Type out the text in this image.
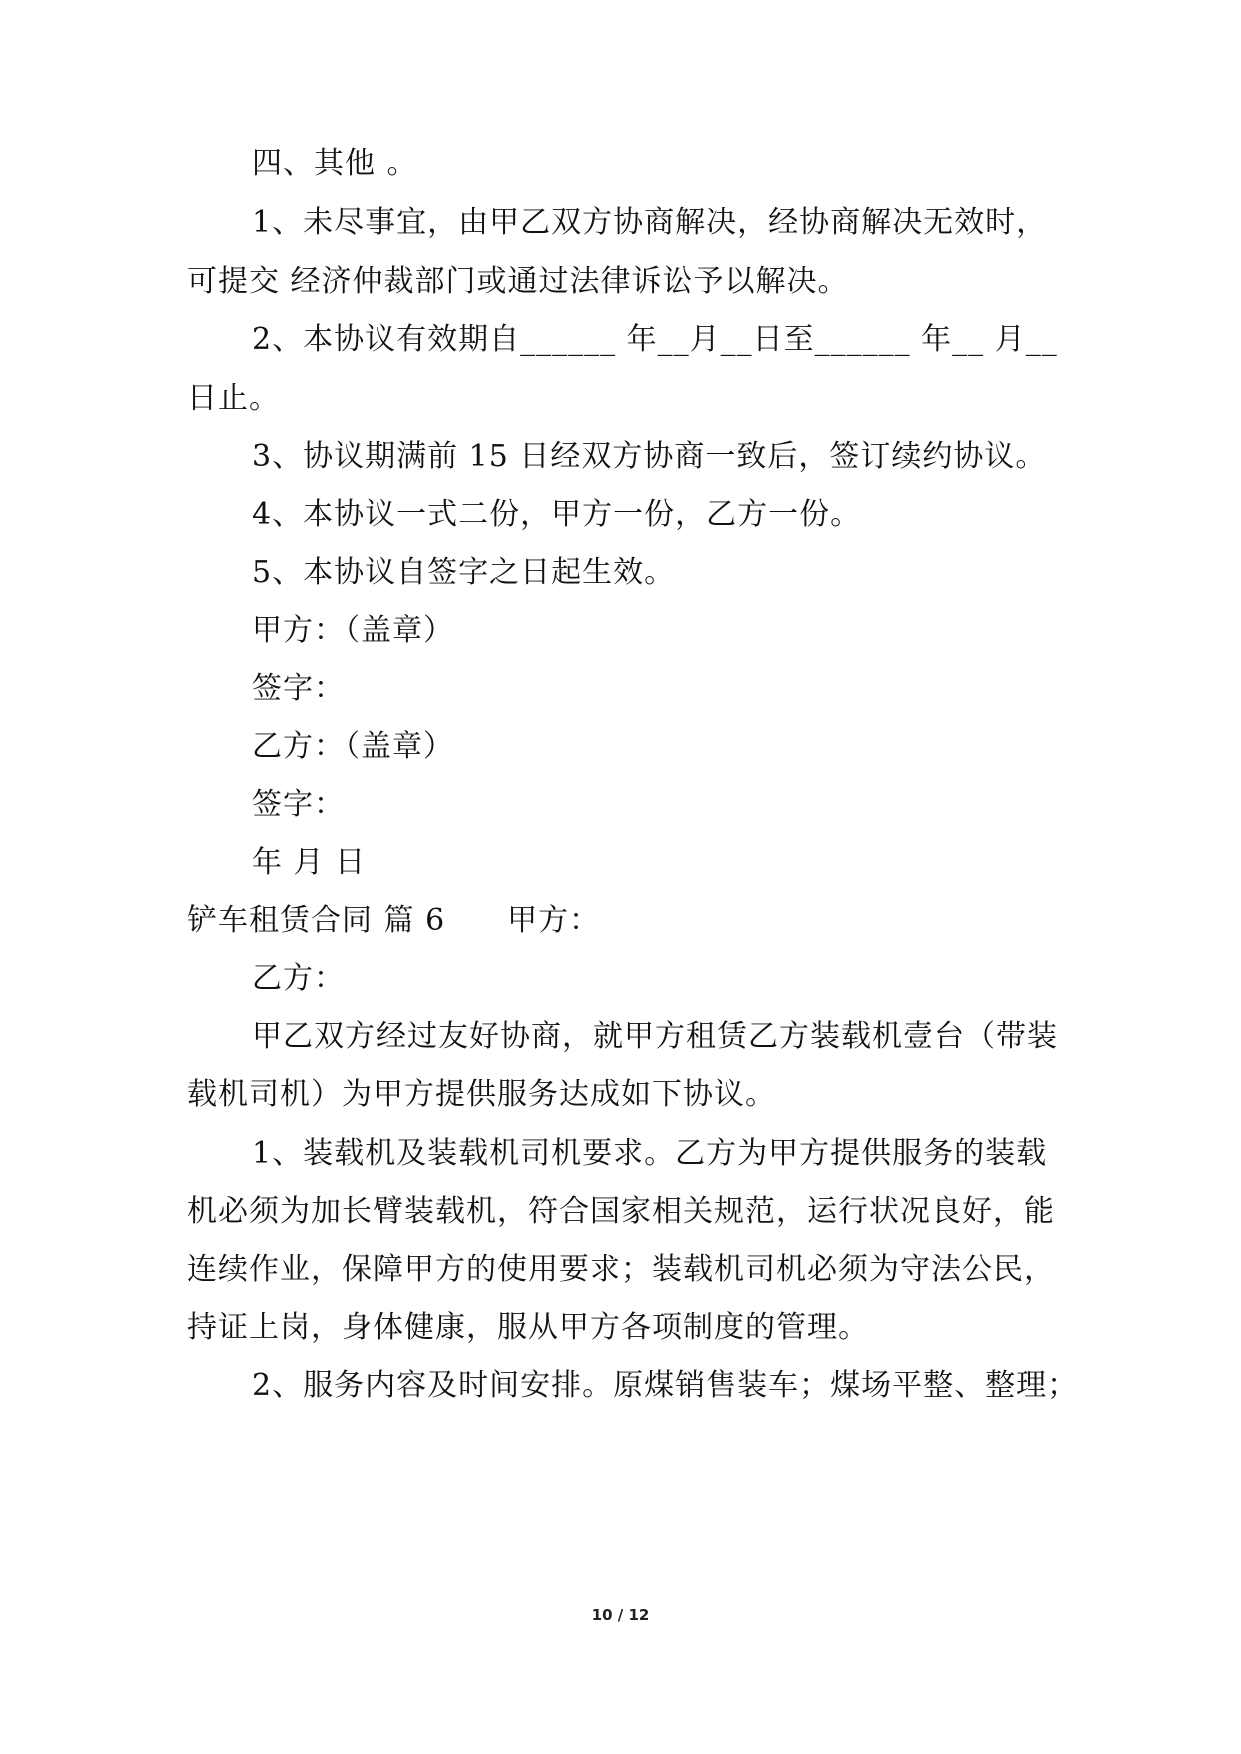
四、其他 。

1、未尽事宜，由甲乙双方协商解决，经协商解决无效时，

可提交 经济仲裁部门或通过法律诉讼予以解决。

2、本协议有效期自______ 年__月__日至______ 年__ 月__

日止。

3、协议期满前 15 日经双方协商一致后，签订续约协议。

4、本协议一式二份，甲方一份，乙方一份。

5、本协议自签字之日起生效。

甲方：（盖章）

签字：

乙方：（盖章）

签字：

年 月 日

铲车租赁合同 篇 6　　甲方：

乙方：

甲乙双方经过友好协商，就甲方租赁乙方装载机壹台（带装

载机司机）为甲方提供服务达成如下协议。

1、装载机及装载机司机要求。乙方为甲方提供服务的装载

机必须为加长臂装载机，符合国家相关规范，运行状况良好，能

连续作业，保障甲方的使用要求；装载机司机必须为守法公民，

持证上岗，身体健康，服从甲方各项制度的管理。

2、服务内容及时间安排。原煤销售装车；煤场平整、整理；

10 / 12
